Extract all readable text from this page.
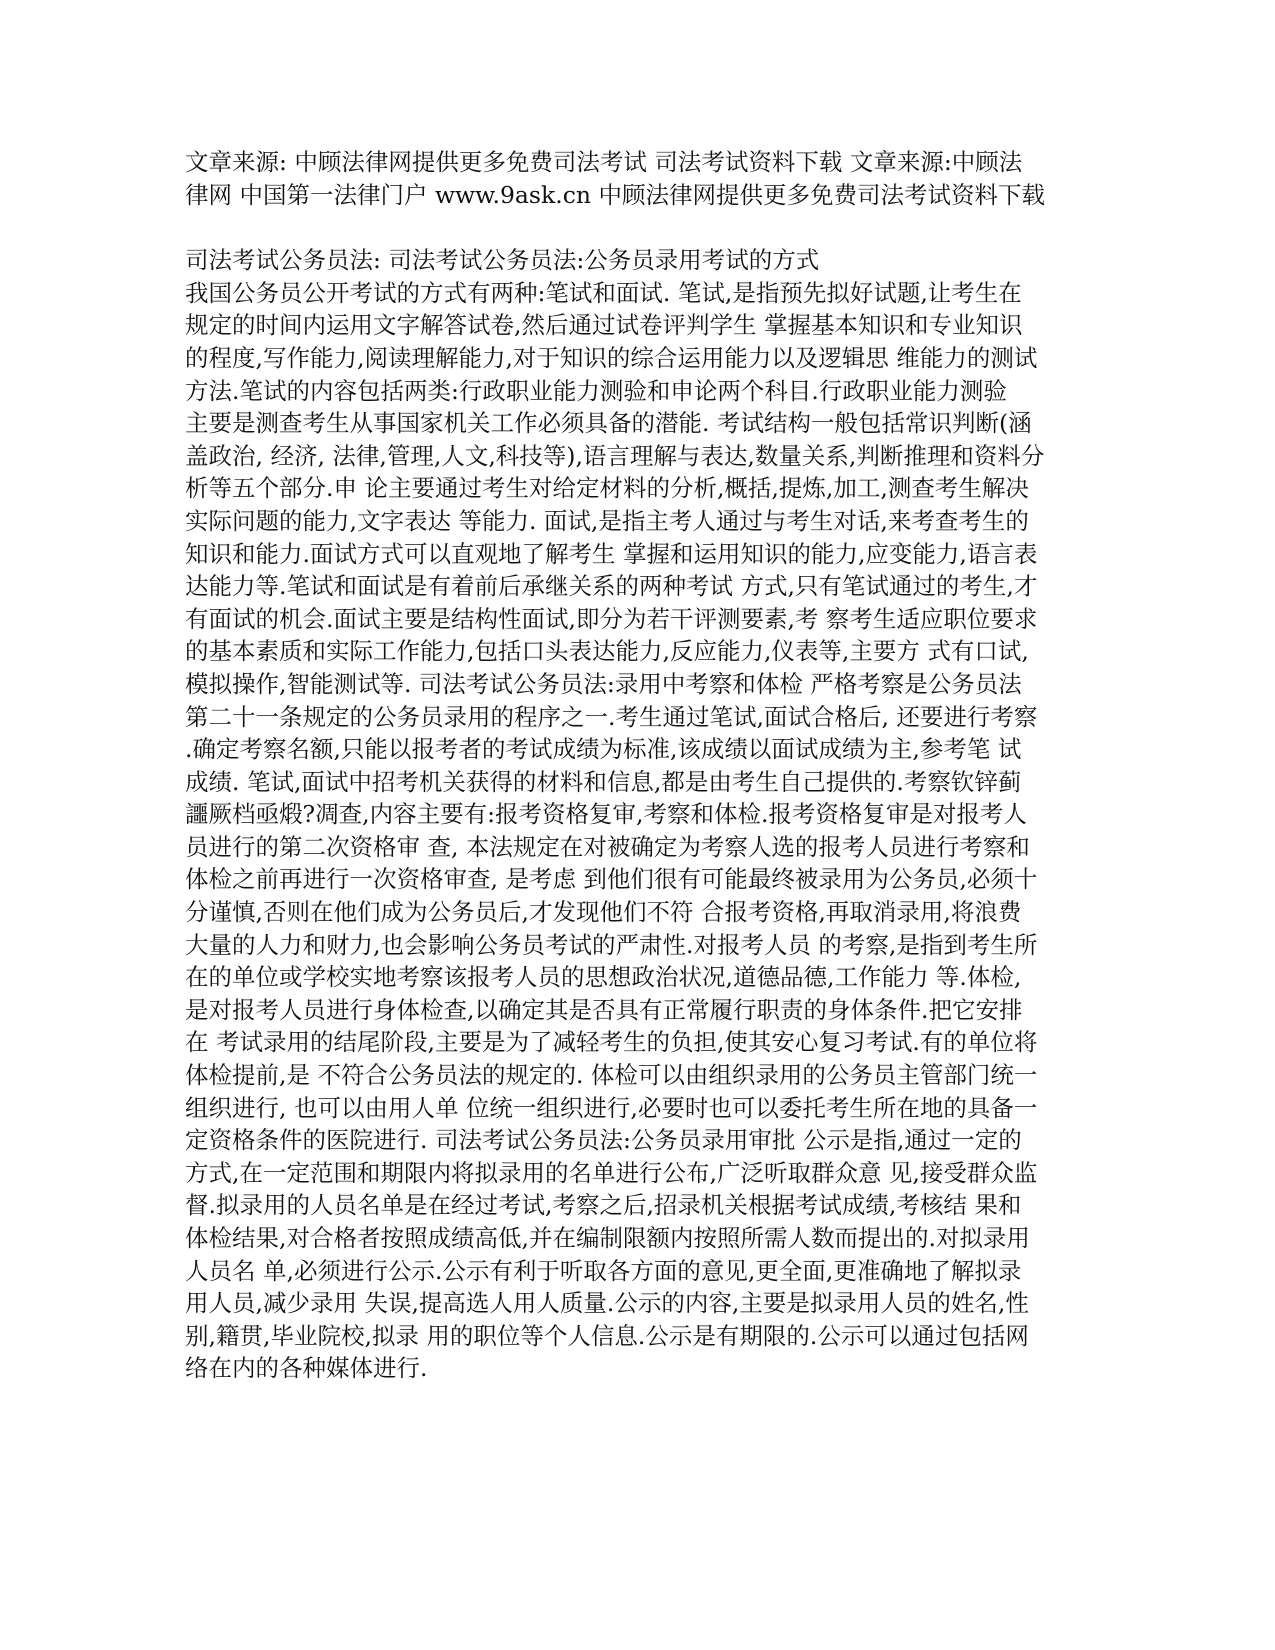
文章来源: 中顾法律网提供更多免费司法考试 司法考试资料下载 文章来源:中顾法
律网 中国第一法律门户 www.9ask.cn 中顾法律网提供更多免费司法考试资料下载
司法考试公务员法: 司法考试公务员法:公务员录用考试的方式
我国公务员公开考试的方式有两种:笔试和面试. 笔试,是指预先拟好试题,让考生在
规定的时间内运用文字解答试卷,然后通过试卷评判学生 掌握基本知识和专业知识
的程度,写作能力,阅读理解能力,对于知识的综合运用能力以及逻辑思 维能力的测试
方法.笔试的内容包括两类:行政职业能力测验和申论两个科目.行政职业能力测验
主要是测查考生从事国家机关工作必须具备的潜能. 考试结构一般包括常识判断(涵
盖政治, 经济, 法律,管理,人文,科技等),语言理解与表达,数量关系,判断推理和资料分
析等五个部分.申 论主要通过考生对给定材料的分析,概括,提炼,加工,测查考生解决
实际问题的能力,文字表达 等能力. 面试,是指主考人通过与考生对话,来考查考生的
知识和能力.面试方式可以直观地了解考生 掌握和运用知识的能力,应变能力,语言表
达能力等.笔试和面试是有着前后承继关系的两种考试 方式,只有笔试通过的考生,才
有面试的机会.面试主要是结构性面试,即分为若干评测要素,考 察考生适应职位要求
的基本素质和实际工作能力,包括口头表达能力,反应能力,仪表等,主要方 式有口试,
模拟操作,智能测试等. 司法考试公务员法:录用中考察和体检 严格考察是公务员法
第二十一条规定的公务员录用的程序之一.考生通过笔试,面试合格后, 还要进行考察
.确定考察名额,只能以报考者的考试成绩为标准,该成绩以面试成绩为主,参考笔 试
成绩. 笔试,面试中招考机关获得的材料和信息,都是由考生自己提供的.考察钦锌蓟
讍厥档亟煅?凋查,内容主要有:报考资格复审,考察和体检.报考资格复审是对报考人
员进行的第二次资格审 查, 本法规定在对被确定为考察人选的报考人员进行考察和
体检之前再进行一次资格审查, 是考虑 到他们很有可能最终被录用为公务员,必须十
分谨慎,否则在他们成为公务员后,才发现他们不符 合报考资格,再取消录用,将浪费
大量的人力和财力,也会影响公务员考试的严肃性.对报考人员 的考察,是指到考生所
在的单位或学校实地考察该报考人员的思想政治状况,道德品德,工作能力 等.体检,
是对报考人员进行身体检查,以确定其是否具有正常履行职责的身体条件.把它安排
在 考试录用的结尾阶段,主要是为了减轻考生的负担,使其安心复习考试.有的单位将
体检提前,是 不符合公务员法的规定的. 体检可以由组织录用的公务员主管部门统一
组织进行, 也可以由用人单 位统一组织进行,必要时也可以委托考生所在地的具备一
定资格条件的医院进行. 司法考试公务员法:公务员录用审批 公示是指,通过一定的
方式,在一定范围和期限内将拟录用的名单进行公布,广泛听取群众意 见,接受群众监
督.拟录用的人员名单是在经过考试,考察之后,招录机关根据考试成绩,考核结 果和
体检结果,对合格者按照成绩高低,并在编制限额内按照所需人数而提出的.对拟录用
人员名 单,必须进行公示.公示有利于听取各方面的意见,更全面,更准确地了解拟录
用人员,减少录用 失误,提高选人用人质量.公示的内容,主要是拟录用人员的姓名,性
别,籍贯,毕业院校,拟录 用的职位等个人信息.公示是有期限的.公示可以通过包括网
络在内的各种媒体进行.
